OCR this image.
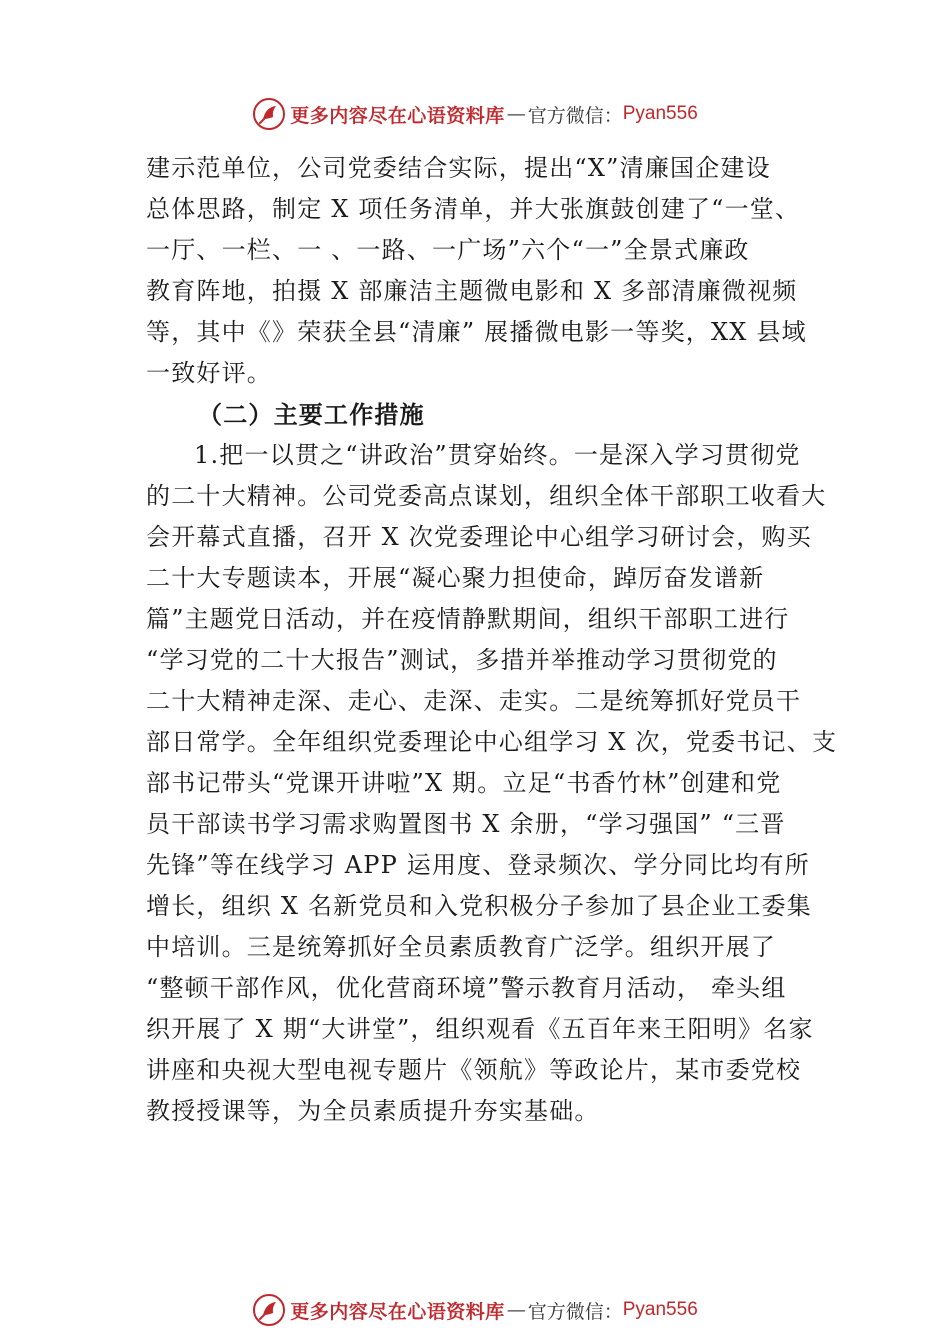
更多内容尽在心语资料库 — 官方微信： Pyan556
建示范单位，公司党委结合实际，提出“X”清廉国企建设
总体思路，制定 X 项任务清单，并大张旗鼓创建了“一堂、
一厅、一栏、一 、一路、一广场”六个“一”全景式廉政
教育阵地，拍摄 X 部廉洁主题微电影和 X 多部清廉微视频
等，其中《》荣获全县“清廉” 展播微电影一等奖，XX 县域
一致好评。
（二）主要工作措施
1.把一以贯之“讲政治”贯穿始终。一是深入学习贯彻党
的二十大精神。公司党委高点谋划，组织全体干部职工收看大
会开幕式直播，召开 X 次党委理论中心组学习研讨会，购买
二十大专题读本，开展“凝心聚力担使命，踔厉奋发谱新
篇”主题党日活动，并在疫情静默期间，组织干部职工进行
“学习党的二十大报告”测试，多措并举推动学习贯彻党的
二十大精神走深、走心、走深、走实。二是统筹抓好党员干
部日常学。全年组织党委理论中心组学习 X 次，党委书记、支
部书记带头“党课开讲啦”X 期。立足“书香竹林”创建和党
员干部读书学习需求购置图书 X 余册，“学习强国” “三晋
先锋”等在线学习 APP 运用度、登录频次、学分同比均有所
增长，组织 X 名新党员和入党积极分子参加了县企业工委集
中培训。三是统筹抓好全员素质教育广泛学。组织开展了
“整顿干部作风，优化营商环境”警示教育月活动， 牵头组
织开展了 X 期“大讲堂”，组织观看《五百年来王阳明》名家
讲座和央视大型电视专题片《领航》等政论片，某市委党校
教授授课等，为全员素质提升夯实基础。
更多内容尽在心语资料库 — 官方微信： Pyan556
